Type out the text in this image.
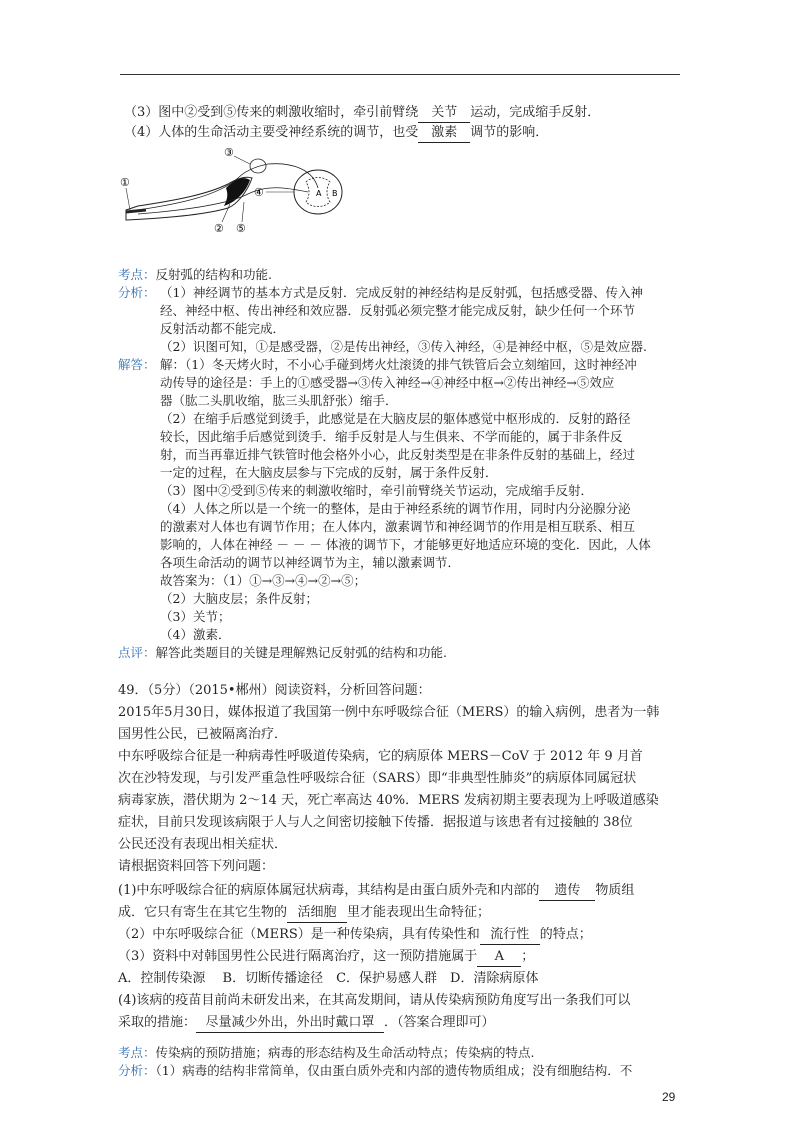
（3）图中②受到⑤传来的刺激收缩时，牵引前臂绕 关节 运动，完成缩手反射．
（4）人体的生命活动主要受神经系统的调节，也受 激素 调节的影响．
A B
①
②
③
④
⑤
考点：反射弧的结构和功能.
分析： （1）神经调节的基本方式是反射．完成反射的神经结构是反射弧，包括感受器、传入神
经、神经中枢、传出神经和效应器．反射弧必须完整才能完成反射，缺少任何一个环节
反射活动都不能完成．
（2）识图可知，①是感受器，②是传出神经，③传入神经，④是神经中枢，⑤是效应器.
解答： 解：（1）冬天烤火时，不小心手碰到烤火灶滚烫的排气铁管后会立刻缩回，这时神经冲
动传导的途径是：手上的①感受器→③传入神经→④神经中枢→②传出神经→⑤效应
器（肱二头肌收缩，肱三头肌舒张）缩手．
（2）在缩手后感觉到烫手，此感觉是在大脑皮层的躯体感觉中枢形成的．反射的路径
较长，因此缩手后感觉到烫手．缩手反射是人与生俱来、不学而能的，属于非条件反
射，而当再靠近排气铁管时他会格外小心，此反射类型是在非条件反射的基础上，经过
一定的过程，在大脑皮层参与下完成的反射，属于条件反射．
（3）图中②受到⑤传来的刺激收缩时，牵引前臂绕关节运动，完成缩手反射．
（4）人体之所以是一个统一的整体，是由于神经系统的调节作用，同时内分泌腺分泌
的激素对人体也有调节作用；在人体内，激素调节和神经调节的作用是相互联系、相互
影响的，人体在神经 － － － 体液的调节下，才能够更好地适应环境的变化．因此，人体
各项生命活动的调节以神经调节为主，辅以激素调节．
故答案为：（1）①→③→④→②→⑤；
（2）大脑皮层；条件反射；
（3）关节；
（4）激素．
点评：解答此类题目的关键是理解熟记反射弧的结构和功能.
49．（5分）（2015•郴州）阅读资料，分析回答问题：
2015年5月30日，媒体报道了我国第一例中东呼吸综合征（MERS）的输入病例，患者为一韩
国男性公民，已被隔离治疗．
中东呼吸综合征是一种病毒性呼吸道传染病，它的病原体 MERS－CoV 于 2012 年 9 月首
次在沙特发现，与引发严重急性呼吸综合征（SARS）即“非典型性肺炎”的病原体同属冠状
病毒家族，潜伏期为 2～14 天，死亡率高达 40%．MERS 发病初期主要表现为上呼吸道感染
症状，目前只发现该病限于人与人之间密切接触下传播．据报道与该患者有过接触的 38位
公民还没有表现出相关症状．
请根据资料回答下列问题：
(1)中东呼吸综合征的病原体属冠状病毒，其结构是由蛋白质外壳和内部的 遗传 物质组
成．它只有寄生在其它生物的 活细胞 里才能表现出生命特征；
（2）中东呼吸综合征（MERS）是一种传染病，具有传染性和 流行性 的特点；
（3）资料中对韩国男性公民进行隔离治疗，这一预防措施属于 A ；
A．控制传染源　 B．切断传播途径　C．保护易感人群　D．清除病原体
(4)该病的疫苗目前尚未研发出来，在其高发期间，请从传染病预防角度写出一条我们可以
采取的措施： 尽量减少外出，外出时戴口罩 ．（答案合理即可）
考点：传染病的预防措施；病毒的形态结构及生命活动特点；传染病的特点.
分析：（1）病毒的结构非常简单，仅由蛋白质外壳和内部的遗传物质组成；没有细胞结构．不
29
